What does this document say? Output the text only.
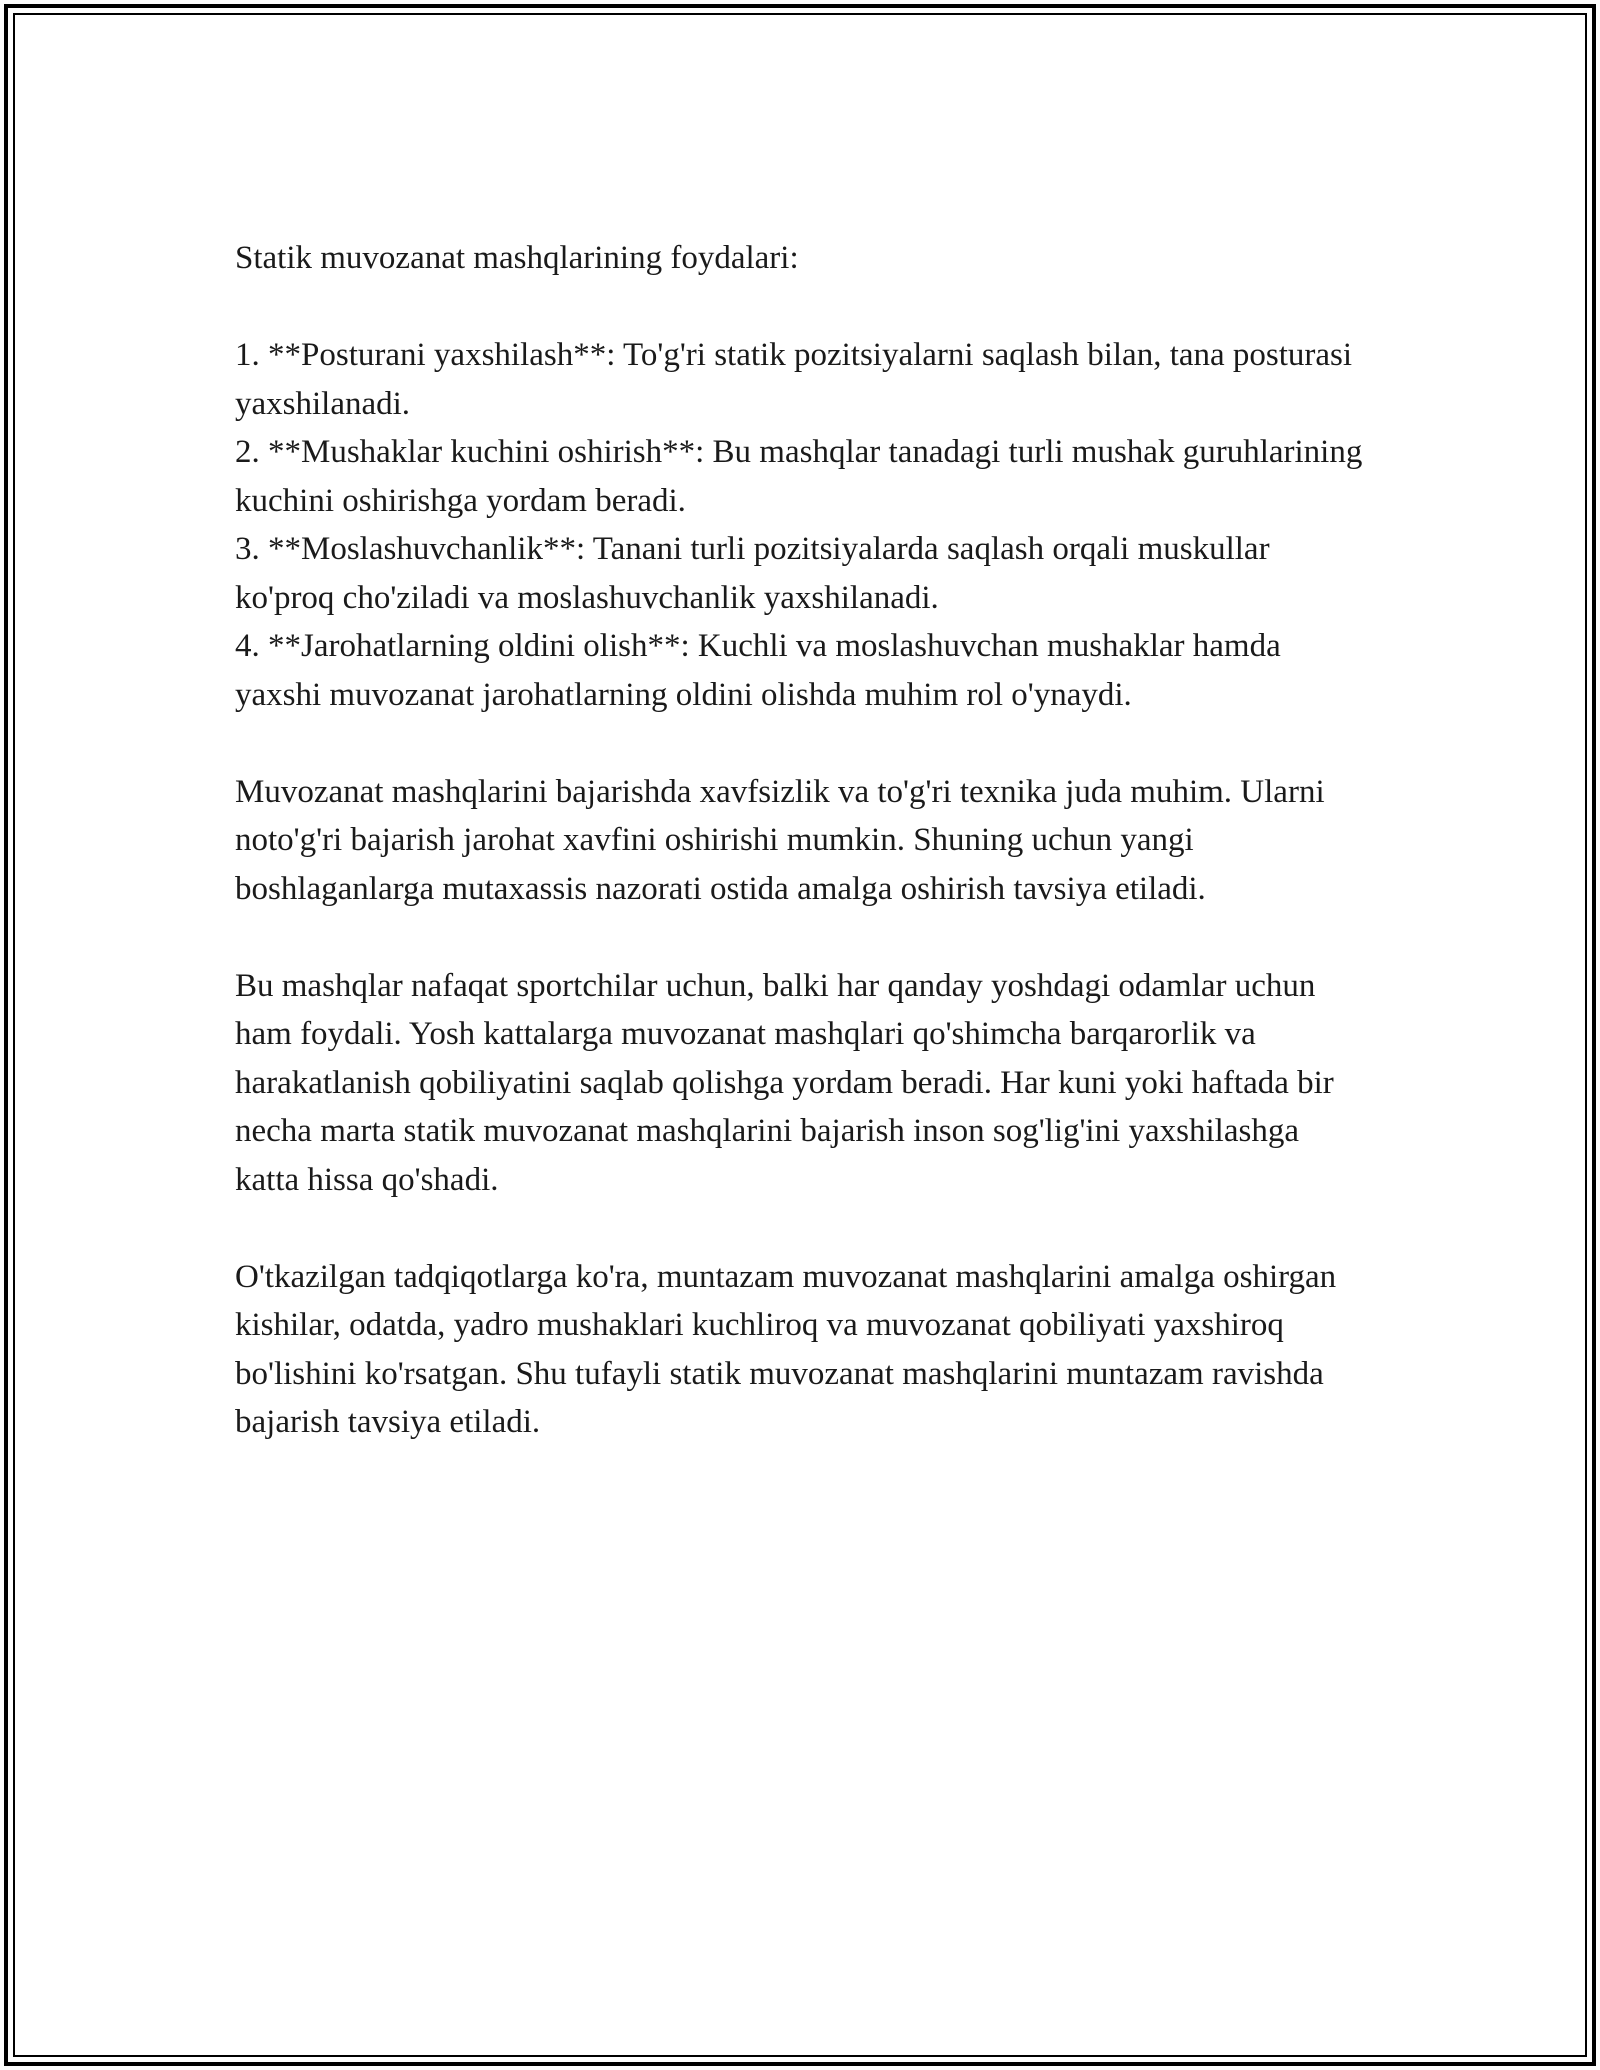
Statik muvozanat mashqlarining foydalari:

1. **Posturani yaxshilash**: To'g'ri statik pozitsiyalarni saqlash bilan, tana posturasi yaxshilanadi.

2. **Mushaklar kuchini oshirish**: Bu mashqlar tanadagi turli mushak guruhlarining kuchini oshirishga yordam beradi.

3. **Moslashuvchanlik**: Tanani turli pozitsiyalarda saqlash orqali muskullar ko'proq cho'ziladi va moslashuvchanlik yaxshilanadi.

4. **Jarohatlarning oldini olish**: Kuchli va moslashuvchan mushaklar hamda yaxshi muvozanat jarohatlarning oldini olishda muhim rol o'ynaydi.

Muvozanat mashqlarini bajarishda xavfsizlik va to'g'ri texnika juda muhim. Ularni noto'g'ri bajarish jarohat xavfini oshirishi mumkin. Shuning uchun yangi boshlaganlarga mutaxassis nazorati ostida amalga oshirish tavsiya etiladi.

Bu mashqlar nafaqat sportchilar uchun, balki har qanday yoshdagi odamlar uchun ham foydali. Yosh kattalarga muvozanat mashqlari qo'shimcha barqarorlik va harakatlanish qobiliyatini saqlab qolishga yordam beradi. Har kuni yoki haftada bir necha marta statik muvozanat mashqlarini bajarish inson sog'lig'ini yaxshilashga katta hissa qo'shadi.

O'tkazilgan tadqiqotlarga ko'ra, muntazam muvozanat mashqlarini amalga oshirgan kishilar, odatda, yadro mushaklari kuchliroq va muvozanat qobiliyati yaxshiroq bo'lishini ko'rsatgan. Shu tufayli statik muvozanat mashqlarini muntazam ravishda bajarish tavsiya etiladi.
